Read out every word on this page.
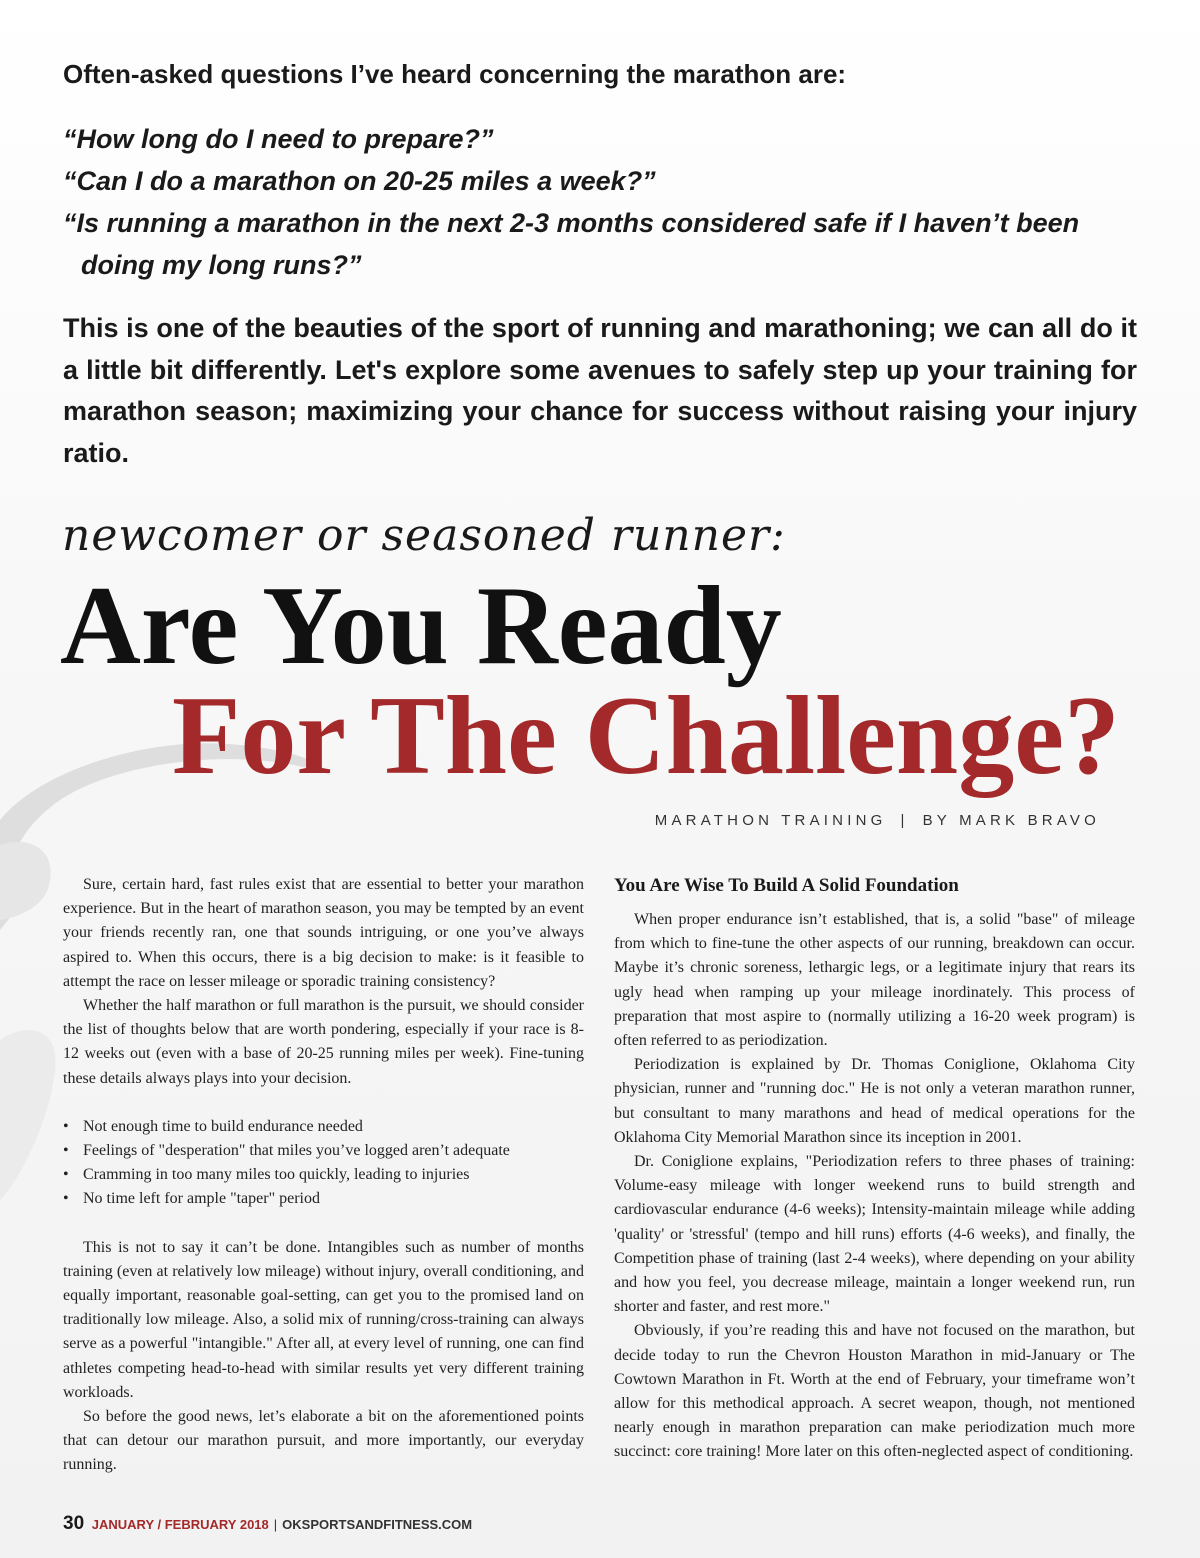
Often-asked questions I’ve heard concerning the marathon are:
“How long do I need to prepare?”
“Can I do a marathon on 20-25 miles a week?”
“Is running a marathon in the next 2-3 months considered safe if I haven’t been doing my long runs?”

This is one of the beauties of the sport of running and marathoning; we can all do it a little bit differently. Let's explore some avenues to safely step up your training for marathon season; maximizing your chance for success without raising your injury ratio.

newcomer or seasoned runner:
Are You Ready
For The Challenge?
MARATHON TRAINING | BY MARK BRAVO

Sure, certain hard, fast rules exist that are essential to better your marathon experience. But in the heart of marathon season, you may be tempted by an event your friends recently ran, one that sounds intriguing, or one you’ve always aspired to. When this occurs, there is a big decision to make: is it feasible to attempt the race on lesser mileage or sporadic training consistency?

Whether the half marathon or full marathon is the pursuit, we should consider the list of thoughts below that are worth pondering, especially if your race is 8-12 weeks out (even with a base of 20-25 running miles per week). Fine-tuning these details always plays into your decision.

• Not enough time to build endurance needed
• Feelings of "desperation" that miles you’ve logged aren’t adequate
• Cramming in too many miles too quickly, leading to injuries
• No time left for ample "taper" period

This is not to say it can’t be done. Intangibles such as number of months training (even at relatively low mileage) without injury, overall conditioning, and equally important, reasonable goal-setting, can get you to the promised land on traditionally low mileage. Also, a solid mix of running/cross-training can always serve as a powerful "intangible." After all, at every level of running, one can find athletes competing head-to-head with similar results yet very different training workloads.

So before the good news, let’s elaborate a bit on the aforementioned points that can detour our marathon pursuit, and more importantly, our everyday running.

You Are Wise To Build A Solid Foundation

When proper endurance isn’t established, that is, a solid "base" of mileage from which to fine-tune the other aspects of our running, breakdown can occur. Maybe it’s chronic soreness, lethargic legs, or a legitimate injury that rears its ugly head when ramping up your mileage inordinately. This process of preparation that most aspire to (normally utilizing a 16-20 week program) is often referred to as periodization.

Periodization is explained by Dr. Thomas Coniglione, Oklahoma City physician, runner and "running doc." He is not only a veteran marathon runner, but consultant to many marathons and head of medical operations for the Oklahoma City Memorial Marathon since its inception in 2001.

Dr. Coniglione explains, "Periodization refers to three phases of training: Volume-easy mileage with longer weekend runs to build strength and cardiovascular endurance (4-6 weeks); Intensity-maintain mileage while adding 'quality' or 'stressful' (tempo and hill runs) efforts (4-6 weeks), and finally, the Competition phase of training (last 2-4 weeks), where depending on your ability and how you feel, you decrease mileage, maintain a longer weekend run, run shorter and faster, and rest more."

Obviously, if you’re reading this and have not focused on the marathon, but decide today to run the Chevron Houston Marathon in mid-January or The Cowtown Marathon in Ft. Worth at the end of February, your timeframe won’t allow for this methodical approach. A secret weapon, though, not mentioned nearly enough in marathon preparation can make periodization much more succinct: core training! More later on this often-neglected aspect of conditioning.

30 JANUARY / FEBRUARY 2018 | OKSPORTSANDFITNESS.COM
